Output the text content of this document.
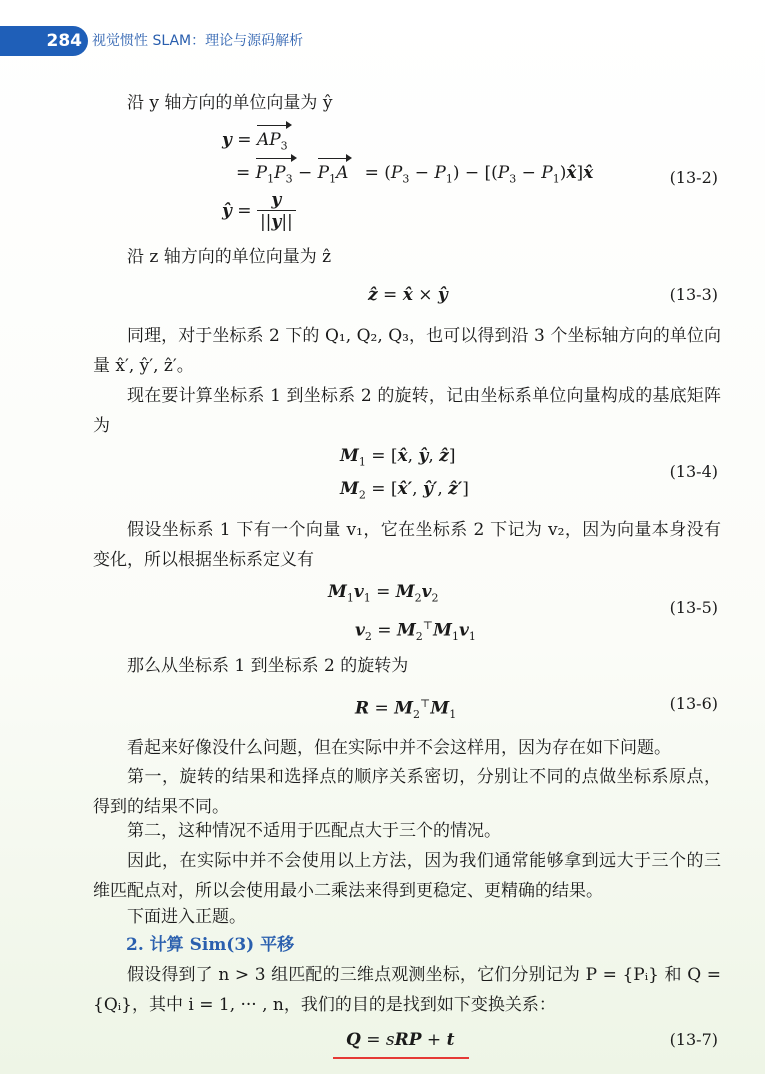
284 视觉惯性 SLAM：理论与源码解析

沿 y 轴方向的单位向量为 ŷ

$y = AP_3$
= $P_1P_3 - P_1A = (P_3 - P_1) - [(P_3$ − $P_1)x̂]x̂$	(13-2)
ŷ = $\frac{y}{||y||}$

沿 z 轴方向的单位向量为 ẑ

ẑ = x̂ × ŷ	(13-3)

同理，对于坐标系 2 下的 Q₁, Q₂, Q₃，也可以得到沿 3 个坐标轴方向的单位向量 x̂′, ŷ′, ẑ′。

现在要计算坐标系 1 到坐标系 2 的旋转，记由坐标系单位向量构成的基底矩阵为

$M_1$ = [x̂, ŷ, ẑ]
$M_2$ = [x̂′, ŷ′, ẑ′]
(13-4)

假设坐标系 1 下有一个向量 v₁，它在坐标系 2 下记为 v₂，因为向量本身没有变化，所以根据坐标系定义有

$M_1v_1 = M_2v_2$
$v_2 = M_2^⊤M_1v_1$
(13-5)

那么从坐标系 1 到坐标系 2 的旋转为

$R = M_2^⊤M_1$
(13-6)

看起来好像没什么问题，但在实际中并不会这样用，因为存在如下问题。

第一，旋转的结果和选择点的顺序关系密切，分别让不同的点做坐标系原点，得到的结果不同。

第二，这种情况不适用于匹配点大于三个的情况。

因此，在实际中并不会使用以上方法，因为我们通常能够拿到远大于三个的三维匹配点对，所以会使用最小二乘法来得到更稳定、更精确的结果。

下面进入正题。

2. 计算 Sim(3) 平移

假设得到了 n > 3 组匹配的三维点观测坐标，它们分别记为 P = {Pᵢ} 和 Q = {Qᵢ}，其中 i = 1, ··· , n，我们的目的是找到如下变换关系：

Q = sRP + t	(13-7)
